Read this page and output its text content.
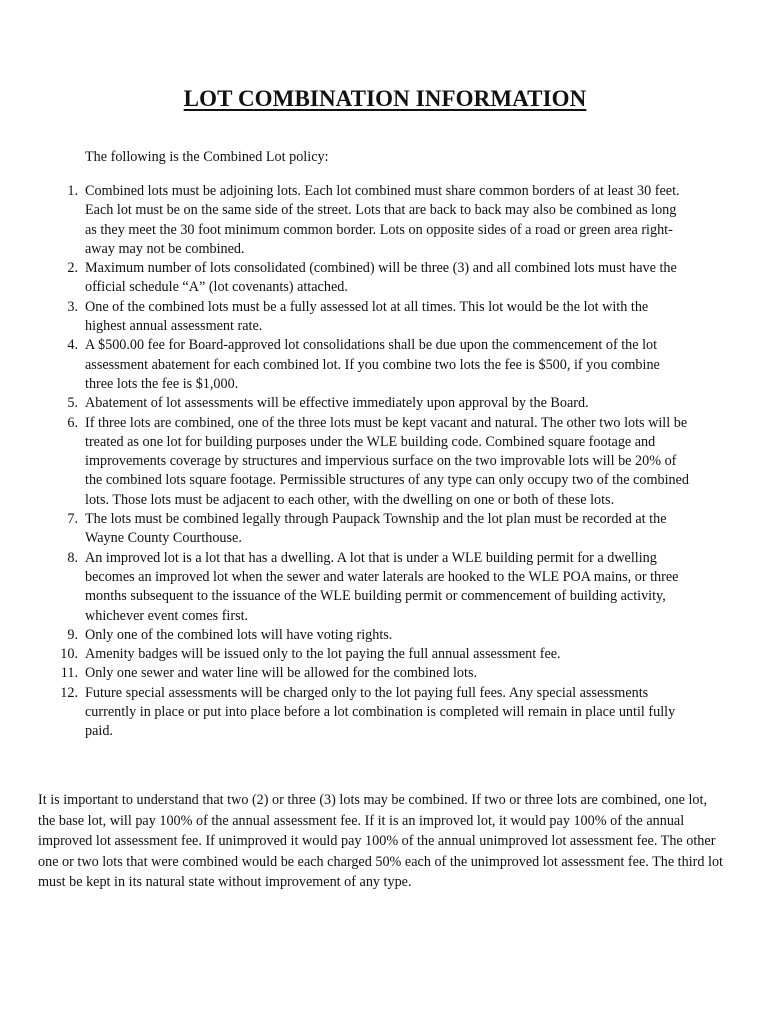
LOT COMBINATION INFORMATION

The following is the Combined Lot policy:

1. Combined lots must be adjoining lots. Each lot combined must share common borders of at least 30 feet. Each lot must be on the same side of the street. Lots that are back to back may also be combined as long as they meet the 30 foot minimum common border. Lots on opposite sides of a road or green area right-away may not be combined.
2. Maximum number of lots consolidated (combined) will be three (3) and all combined lots must have the official schedule “A” (lot covenants) attached.
3. One of the combined lots must be a fully assessed lot at all times. This lot would be the lot with the highest annual assessment rate.
4. A $500.00 fee for Board-approved lot consolidations shall be due upon the commencement of the lot assessment abatement for each combined lot. If you combine two lots the fee is $500, if you combine three lots the fee is $1,000.
5. Abatement of lot assessments will be effective immediately upon approval by the Board.
6. If three lots are combined, one of the three lots must be kept vacant and natural. The other two lots will be treated as one lot for building purposes under the WLE building code. Combined square footage and improvements coverage by structures and impervious surface on the two improvable lots will be 20% of the combined lots square footage. Permissible structures of any type can only occupy two of the combined lots. Those lots must be adjacent to each other, with the dwelling on one or both of these lots.
7. The lots must be combined legally through Paupack Township and the lot plan must be recorded at the Wayne County Courthouse.
8. An improved lot is a lot that has a dwelling. A lot that is under a WLE building permit for a dwelling becomes an improved lot when the sewer and water laterals are hooked to the WLE POA mains, or three months subsequent to the issuance of the WLE building permit or commencement of building activity, whichever event comes first.
9. Only one of the combined lots will have voting rights.
10. Amenity badges will be issued only to the lot paying the full annual assessment fee.
11. Only one sewer and water line will be allowed for the combined lots.
12. Future special assessments will be charged only to the lot paying full fees. Any special assessments currently in place or put into place before a lot combination is completed will remain in place until fully paid.

It is important to understand that two (2) or three (3) lots may be combined. If two or three lots are combined, one lot, the base lot, will pay 100% of the annual assessment fee. If it is an improved lot, it would pay 100% of the annual improved lot assessment fee. If unimproved it would pay 100% of the annual unimproved lot assessment fee. The other one or two lots that were combined would be each charged 50% each of the unimproved lot assessment fee. The third lot must be kept in its natural state without improvement of any type.
